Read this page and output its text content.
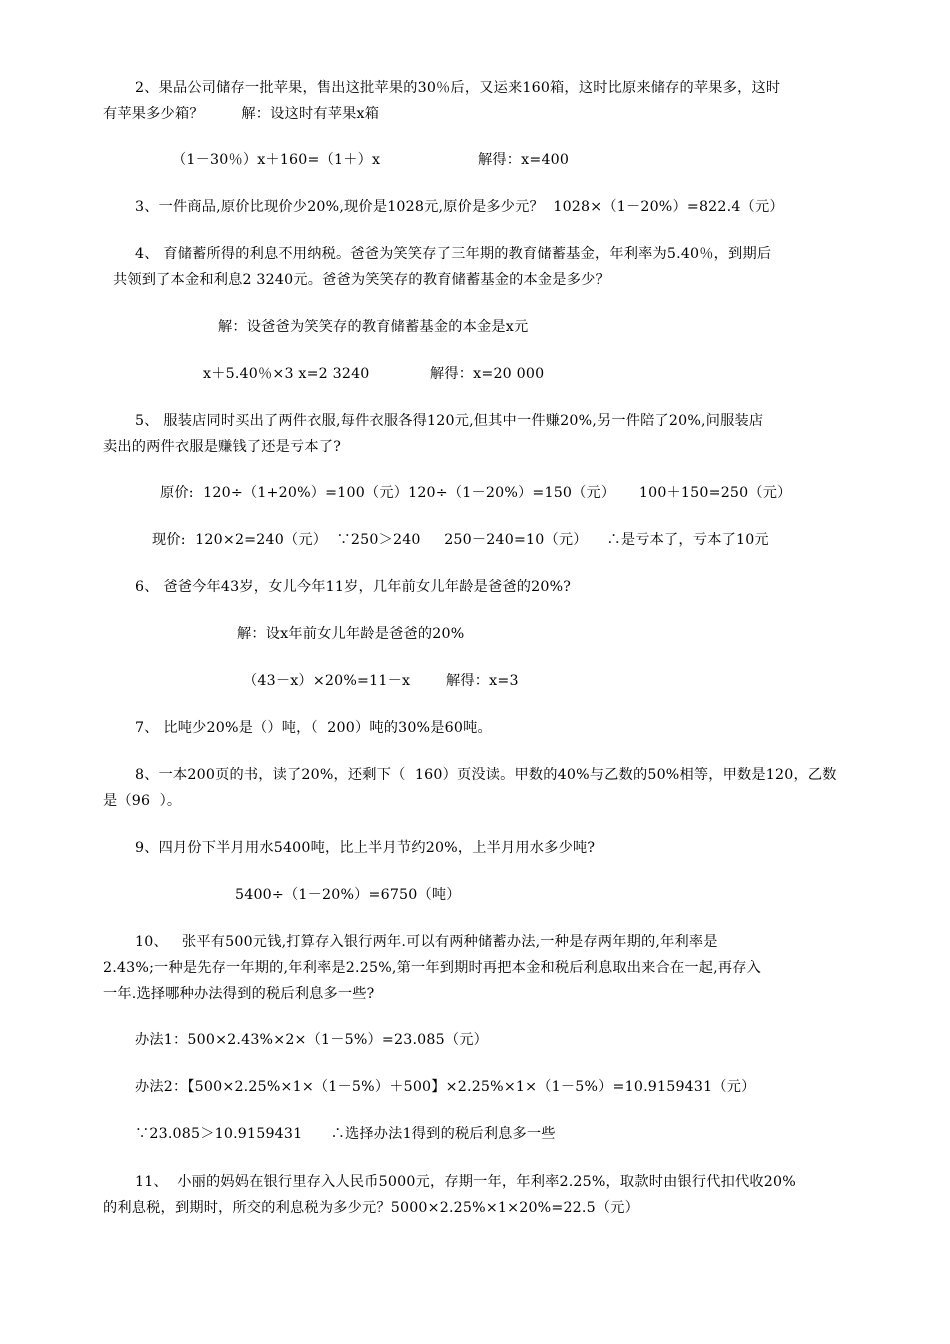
2、果品公司储存一批苹果，售出这批苹果的30％后，又运来160箱，这时比原来储存的苹果多，这时
有苹果多少箱？        解：设这时有苹果x箱
（1－30％）x＋160=（1＋）x	解得：x=400
3、一件商品,原价比现价少20%,现价是1028元,原价是多少元？  1028×（1－20%）=822.4（元）
4、 育储蓄所得的利息不用纳税。爸爸为笑笑存了三年期的教育储蓄基金，年利率为5.40％，到期后
共领到了本金和利息2 3240元。爸爸为笑笑存的教育储蓄基金的本金是多少？
解：设爸爸为笑笑存的教育储蓄基金的本金是x元
x＋5.40％×3 x=2 3240	解得：x=20 000
5、 服装店同时买出了两件衣服,每件衣服各得120元,但其中一件赚20%,另一件陪了20%,问服装店
卖出的两件衣服是赚钱了还是亏本了?
原价:  120÷（1+20%）=100（元）120÷（1－20%）=150（元）     100＋150=250（元）
现价:  120×2=240（元）  ∵250＞240     250－240=10（元）    ∴是亏本了，亏本了10元
6、 爸爸今年43岁，女儿今年11岁，几年前女儿年龄是爸爸的20%?
解：设x年前女儿年龄是爸爸的20%
（43－x）×20%=11－x	解得：x=3
7、 比吨少20%是（）吨，（  200）吨的30%是60吨。
8、一本200页的书，读了20%，还剩下（  160）页没读。甲数的40%与乙数的50%相等，甲数是120，乙数
是（96  ）。
9、四月份下半月用水5400吨，比上半月节约20%，上半月用水多少吨?
5400÷（1－20%）=6750（吨）
10、   张平有500元钱,打算存入银行两年.可以有两种储蓄办法,一种是存两年期的,年利率是
2.43%;一种是先存一年期的,年利率是2.25%,第一年到期时再把本金和税后利息取出来合在一起,再存入
一年.选择哪种办法得到的税后利息多一些?
办法1：500×2.43%×2×（1－5%）=23.085（元）
办法2：【500×2.25%×1×（1－5%）＋500】×2.25%×1×（1－5%）=10.9159431（元）
∵23.085＞10.9159431      ∴选择办法1得到的税后利息多一些
11、  小丽的妈妈在银行里存入人民币5000元，存期一年，年利率2.25%，取款时由银行代扣代收20%
的利息税，到期时，所交的利息税为多少元？5000×2.25%×1×20%=22.5（元）
